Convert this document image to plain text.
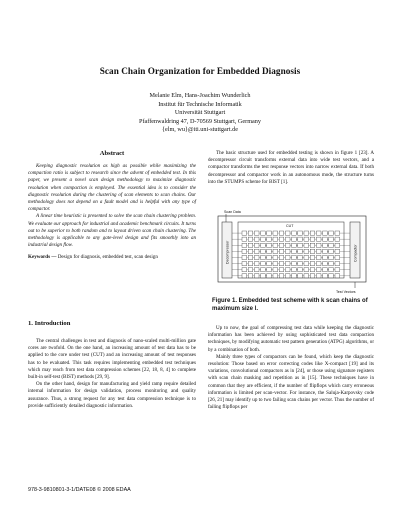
Scan Chain Organization for Embedded Diagnosis
Melanie Elm, Hans-Joachim Wunderlich
Institut für Technische Informatik
Universität Stuttgart
Pfaffenwaldring 47, D-70569 Stuttgart, Germany
{elm, wu}@iti.uni-stuttgart.de
Abstract

Keeping diagnostic resolution as high as possible while maximizing the compaction ratio is subject to research since the advent of embedded test. In this paper, we present a novel scan design methodology to maximize diagnostic resolution when compaction is employed. The essential idea is to consider the diagnostic resolution during the clustering of scan elements to scan chains. Our methodology does not depend on a fault model and is helpful with any type of compactor.

A linear time heuristic is presented to solve the scan chain clustering problem. We evaluate our approach for industrial and academic benchmark circuits. It turns out to be superior to both random and to layout driven scan chain clustering. The methodology is applicable to any gate-level design and fits smoothly into an industrial design flow.

Keywords — Design for diagnosis, embedded test, scan design
1. Introduction

The central challenges in test and diagnosis of nano-scaled multi-million gate cores are twofold. On the one hand, an increasing amount of test data has to be applied to the core under test (CUT) and an increasing amount of test responses has to be evaluated. This task requires implementing embedded test techniques which may reach from test data compression schemes [22, 18, 8, 4] to complete built-in self-test (BIST) methods [29, 9].

On the other hand, design for manufacturing and yield ramp require detailed internal information for design validation, process monitoring and quality assurance. Thus, a strong request for any test data compression technique is to provide sufficiently detailed diagnostic information.

The basic structure used for embedded testing is shown in figure 1 [23]. A decompressor circuit transforms external data into wide test vectors, and a compactor transforms the test response vectors into narrow external data. If both decompressor and compactor work in an autonomous mode, the structure turns into the STUMPS scheme for BIST [1].

Scan Data
Decompressor	Compactor
CUT
Test Vectors
Figure 1. Embedded test scheme with k scan chains of maximum size l.

Up to now, the goal of compressing test data while keeping the diagnostic information has been achieved by using sophisticated test data compaction techniques, by modifying automatic test pattern generation (ATPG) algorithms, or by a combination of both.

Mainly three types of compactors can be found, which keep the diagnostic resolution: Those based on error correcting codes like X-compact [19] and its variations, convolutional compactors as in [24], or those using signature registers with scan chain masking and repetition as in [15]. These techniques have in common that they are efficient, if the number of flipflops which carry erroneous information is limited per scan-vector. For instance, the Saluja-Karpovsky code [26, 21] may identify up to two failing scan chains per vector. Thus the number of failing flipflops per

978-3-9810801-3-1/DATE08 © 2008 EDAA
